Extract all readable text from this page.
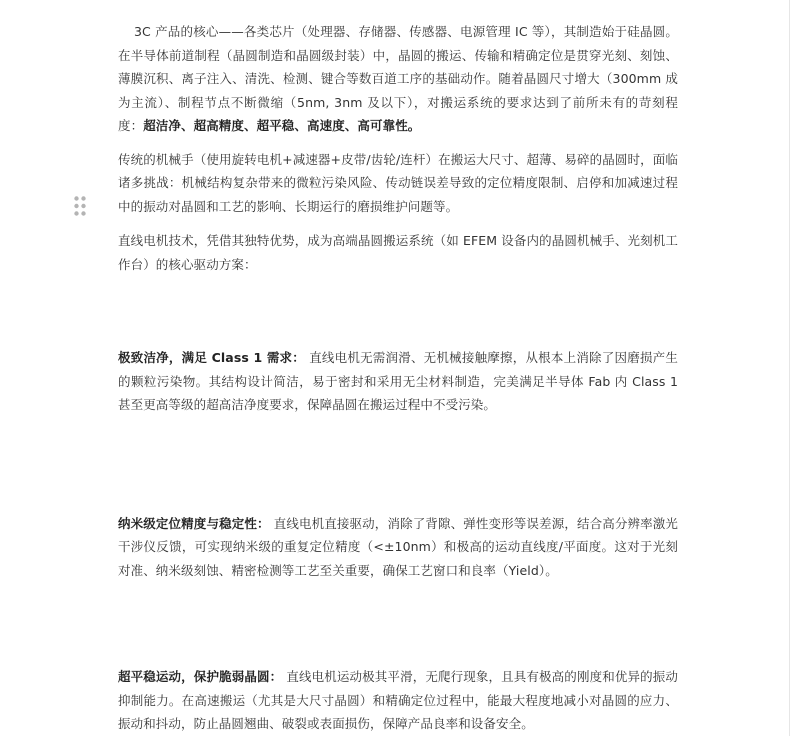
3C 产品的核心——各类芯片（处理器、存储器、传感器、电源管理 IC 等），其制造始于硅晶圆。在半导体前道制程（晶圆制造和晶圆级封装）中，晶圆的搬运、传输和精确定位是贯穿光刻、刻蚀、薄膜沉积、离子注入、清洗、检测、键合等数百道工序的基础动作。随着晶圆尺寸增大（300mm 成为主流）、制程节点不断微缩（5nm, 3nm 及以下），对搬运系统的要求达到了前所未有的苛刻程度：超洁净、超高精度、超平稳、高速度、高可靠性。

传统的机械手（使用旋转电机+减速器+皮带/齿轮/连杆）在搬运大尺寸、超薄、易碎的晶圆时，面临诸多挑战：机械结构复杂带来的微粒污染风险、传动链误差导致的定位精度限制、启停和加减速过程中的振动对晶圆和工艺的影响、长期运行的磨损维护问题等。

直线电机技术，凭借其独特优势，成为高端晶圆搬运系统（如 EFEM 设备内的晶圆机械手、光刻机工作台）的核心驱动方案：

极致洁净，满足 Class 1 需求： 直线电机无需润滑、无机械接触摩擦，从根本上消除了因磨损产生的颗粒污染物。其结构设计简洁，易于密封和采用无尘材料制造，完美满足半导体 Fab 内 Class 1 甚至更高等级的超高洁净度要求，保障晶圆在搬运过程中不受污染。

纳米级定位精度与稳定性： 直线电机直接驱动，消除了背隙、弹性变形等误差源，结合高分辨率激光干涉仪反馈，可实现纳米级的重复定位精度（<±10nm）和极高的运动直线度/平面度。这对于光刻对准、纳米级刻蚀、精密检测等工艺至关重要，确保工艺窗口和良率（Yield）。

超平稳运动，保护脆弱晶圆： 直线电机运动极其平滑，无爬行现象，且具有极高的刚度和优异的振动抑制能力。在高速搬运（尤其是大尺寸晶圆）和精确定位过程中，能最大程度地减小对晶圆的应力、振动和抖动，防止晶圆翘曲、破裂或表面损伤，保障产品良率和设备安全。
